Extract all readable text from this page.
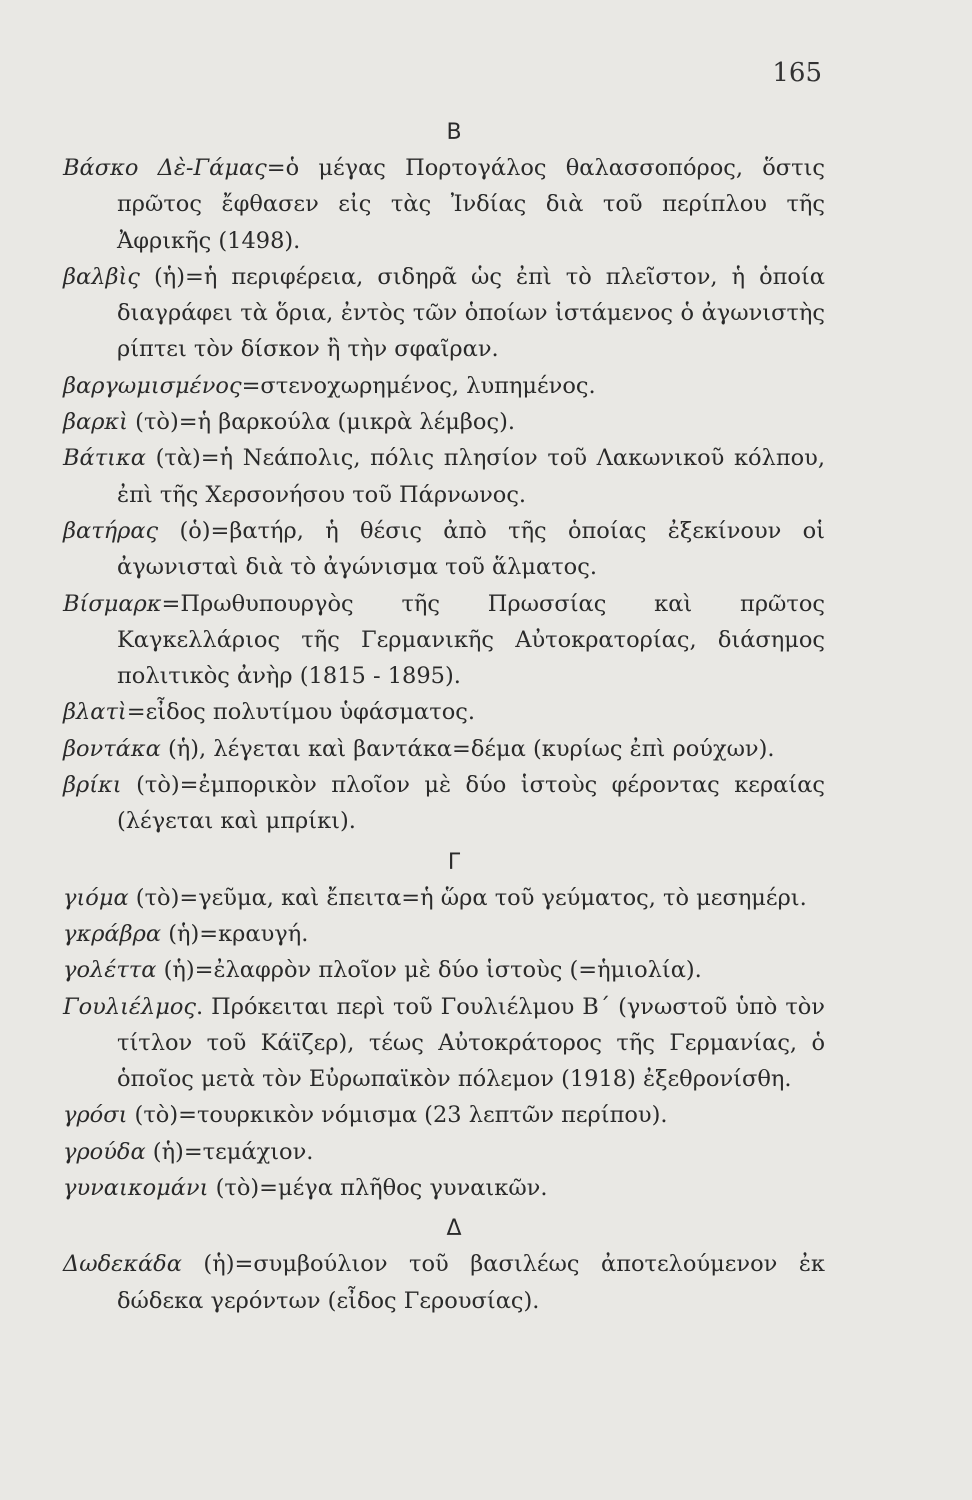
165
Β

Βάσκο Δὲ-Γάμας=ὁ μέγας Πορτογάλος θαλασσοπόρος, ὅστις πρῶτος ἔφθασεν εἰς τὰς Ἰνδίας διὰ τοῦ περίπλου τῆς Ἀφρικῆς (1498).

βαλβὶς (ἡ)=ἡ περιφέρεια, σιδηρᾶ ὡς ἐπὶ τὸ πλεῖστον, ἡ ὁποία διαγράφει τὰ ὅρια, ἐντὸς τῶν ὁποίων ἱστάμενος ὁ ἀγωνιστὴς ρίπτει τὸν δίσκον ἢ τὴν σφαῖραν.

βαργωμισμένος=στενοχωρημένος, λυπημένος.

βαρκὶ (τὸ)=ἡ βαρκούλα (μικρὰ λέμβος).

Βάτικα (τὰ)=ἡ Νεάπολις, πόλις πλησίον τοῦ Λακωνικοῦ κόλπου, ἐπὶ τῆς Χερσονήσου τοῦ Πάρνωνος.

βατήρας (ὁ)=βατήρ, ἡ θέσις ἀπὸ τῆς ὁποίας ἐξεκίνουν οἱ ἀγωνισταὶ διὰ τὸ ἀγώνισμα τοῦ ἅλματος.

Βίσμαρκ=Πρωθυπουργὸς τῆς Πρωσσίας καὶ πρῶτος Καγκελλάριος τῆς Γερμανικῆς Αὐτοκρατορίας, διάσημος πολιτικὸς ἀνὴρ (1815 - 1895).

βλατὶ=εἶδος πολυτίμου ὑφάσματος.

βοντάκα (ἡ), λέγεται καὶ βαντάκα=δέμα (κυρίως ἐπὶ ρούχων).

βρίκι (τὸ)=ἐμπορικὸν πλοῖον μὲ δύο ἱστοὺς φέροντας κεραίας (λέγεται καὶ μπρίκι).

Γ

γιόμα (τὸ)=γεῦμα, καὶ ἔπειτα=ἡ ὥρα τοῦ γεύματος, τὸ μεσημέρι.

γκράβρα (ἡ)=κραυγή.

γολέττα (ἡ)=ἐλαφρὸν πλοῖον μὲ δύο ἱστοὺς (=ἡμιολία).

Γουλιέλμος. Πρόκειται περὶ τοῦ Γουλιέλμου Β´ (γνωστοῦ ὑπὸ τὸν τίτλον τοῦ Κάϊζερ), τέως Αὐτοκράτορος τῆς Γερμανίας, ὁ ὁποῖος μετὰ τὸν Εὐρωπαϊκὸν πόλεμον (1918) ἐξεθρονίσθη.

γρόσι (τὸ)=τουρκικὸν νόμισμα (23 λεπτῶν περίπου).

γρούδα (ἡ)=τεμάχιον.

γυναικομάνι (τὸ)=μέγα πλῆθος γυναικῶν.

Δ

Δωδεκάδα (ἡ)=συμβούλιον τοῦ βασιλέως ἀποτελούμενον ἐκ δώδεκα γερόντων (εἶδος Γερουσίας).
